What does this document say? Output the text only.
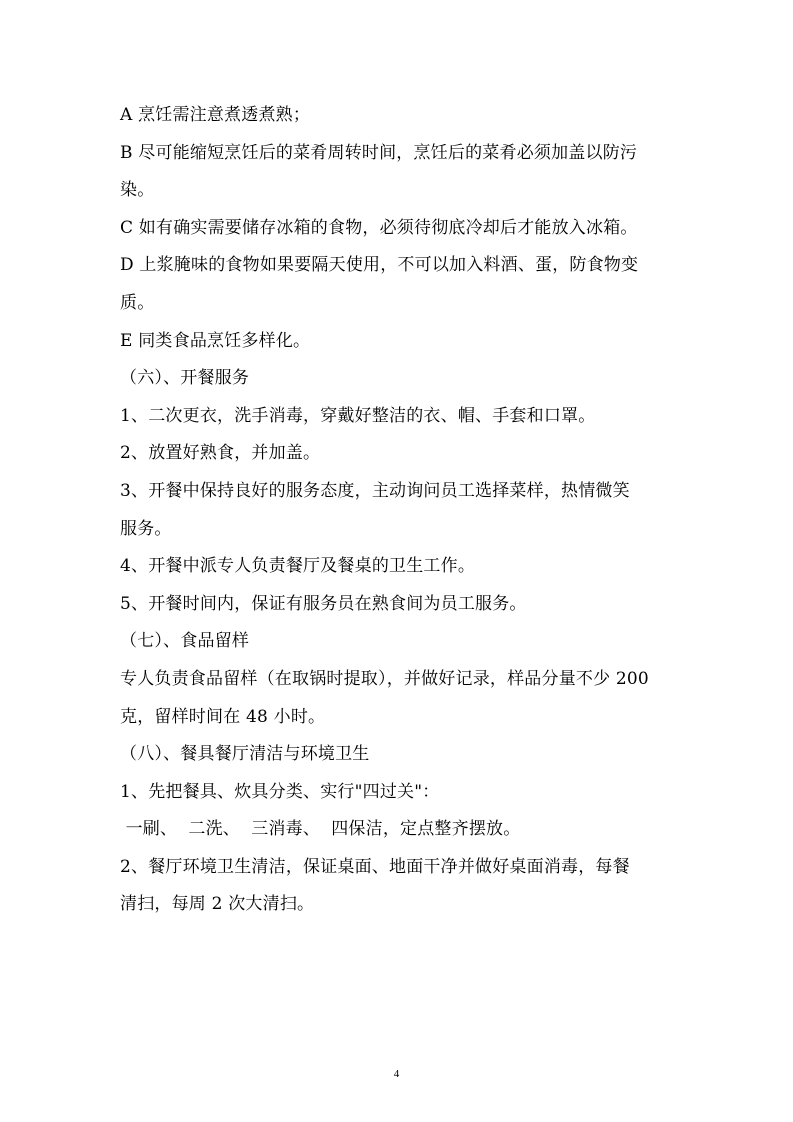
A 烹饪需注意煮透煮熟；
B 尽可能缩短烹饪后的菜肴周转时间，烹饪后的菜肴必须加盖以防污
染。
C 如有确实需要储存冰箱的食物，必须待彻底冷却后才能放入冰箱。
D 上浆腌味的食物如果要隔天使用，不可以加入料酒、蛋，防食物变
质。
E 同类食品烹饪多样化。
（六）、开餐服务
1、二次更衣，洗手消毒，穿戴好整洁的衣、帽、手套和口罩。
2、放置好熟食，并加盖。
3、开餐中保持良好的服务态度，主动询问员工选择菜样，热情微笑
服务。
4、开餐中派专人负责餐厅及餐桌的卫生工作。
5、开餐时间内，保证有服务员在熟食间为员工服务。
（七）、食品留样
专人负责食品留样（在取锅时提取），并做好记录，样品分量不少 200
克，留样时间在 48 小时。
（八）、餐具餐厅清洁与环境卫生
1、先把餐具、炊具分类、实行"四过关"：
一刷、  二洗、  三消毒、  四保洁，定点整齐摆放。
2、餐厅环境卫生清洁，保证桌面、地面干净并做好桌面消毒，每餐
清扫，每周 2 次大清扫。
4
